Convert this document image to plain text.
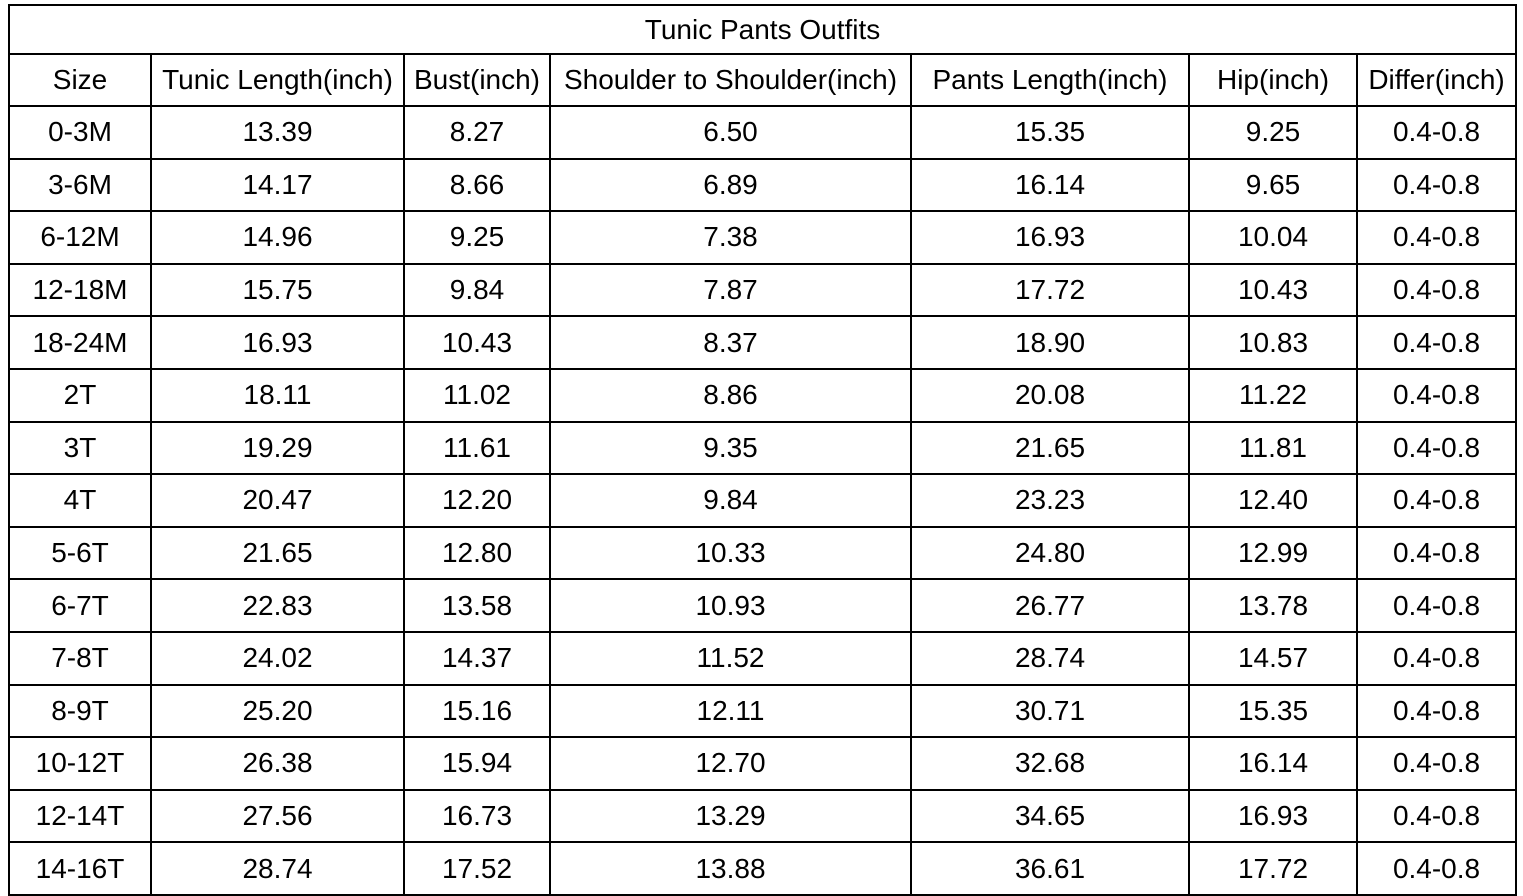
Tunic Pants Outfits						
Size	Tunic Length(inch)	Bust(inch)	Shoulder to Shoulder(inch)	Pants Length(inch)	Hip(inch)	Differ(inch)
0-3M	13.39	8.27	6.50	15.35	9.25	0.4-0.8
3-6M	14.17	8.66	6.89	16.14	9.65	0.4-0.8
6-12M	14.96	9.25	7.38	16.93	10.04	0.4-0.8
12-18M	15.75	9.84	7.87	17.72	10.43	0.4-0.8
18-24M	16.93	10.43	8.37	18.90	10.83	0.4-0.8
2T	18.11	11.02	8.86	20.08	11.22	0.4-0.8
3T	19.29	11.61	9.35	21.65	11.81	0.4-0.8
4T	20.47	12.20	9.84	23.23	12.40	0.4-0.8
5-6T	21.65	12.80	10.33	24.80	12.99	0.4-0.8
6-7T	22.83	13.58	10.93	26.77	13.78	0.4-0.8
7-8T	24.02	14.37	11.52	28.74	14.57	0.4-0.8
8-9T	25.20	15.16	12.11	30.71	15.35	0.4-0.8
10-12T	26.38	15.94	12.70	32.68	16.14	0.4-0.8
12-14T	27.56	16.73	13.29	34.65	16.93	0.4-0.8
14-16T	28.74	17.52	13.88	36.61	17.72	0.4-0.8
